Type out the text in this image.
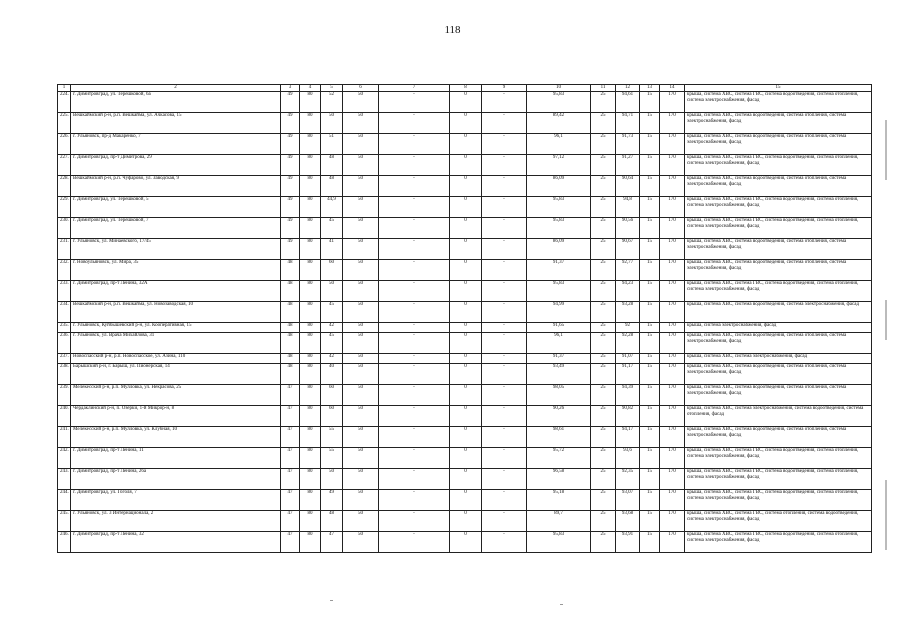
118
1	2	3	4	5	6	7	8	9	10	11	12	13	14	15
224.	г. Димитровград, ул. Терешковой, 6а	49	80	52	50	-	0	-	95,83	25	94,61	15	170	крыша, система ХВС, система ГВС, система водоотведения, система отопления, система электроснабжения, фасад
225.	Вешкаймский р-н, р.п. Вешкайма, ул. Ачкасова, 15	49	80	50	50	-	0	-	89,42	25	94,71	15	170	крыша, система ХВС, система водоотведения, система отопления, система электроснабжения, фасад
226.	г. Ульяновск, пр-д Макаренко, 7	49	80	51	50	-	0	-	96,1	25	91,73	15	170	крыша, система ХВС, система водоотведения, система отопления, система электроснабжения, фасад
227.	г. Димитровград, пр-т Димитрова, 29	49	80	48	50	-	0	-	97,12	25	91,27	15	170	крыша, система ХВС, система ГВС, система водоотведения, система отопления, система электроснабжения, фасад
228.	Вешкаймский р-н, р.п. Чуфарово, ул. Заводская, 9	49	80	48	50	-	0	-	86,09	25	90,64	15	170	крыша, система ХВС, система водоотведения, система отопления, система электроснабжения, фасад
229.	г. Димитровград, ул. Терешковой, 5	49	80	44,9	50	-	0	-	95,83	25	94,8	15	170	крыша, система ХВС, система ГВС, система водоотведения, система отопления, система электроснабжения, фасад
230.	г. Димитровград, ул. Терешковой, 7	49	80	45	50	-	0	-	95,83	25	90,56	15	170	крыша, система ХВС, система ГВС, система водоотведения, система отопления, система электроснабжения, фасад
231.	г. Ульяновск, ул. Минаевского, 17/45	49	80	41	50	-	0	-	86,09	25	90,67	15	170	крыша, система ХВС, система водоотведения, система отопления, система электроснабжения, фасад
232.	г. Новоульяновск, ул. Мира, 35	48	80	60	50	-	0	-	91,37	25	92,77	15	170	крыша, система ХВС, система водоотведения, система отопления, система электроснабжения, фасад
233.	г. Димитровград, пр-т Ленина, 32А	48	80	50	50	-	0	-	95,83	25	94,23	15	170	крыша, система ХВС, система ГВС, система водоотведения, система отопления, система электроснабжения, фасад
234.	Вешкаймский р-н, р.п. Вешкайма, ул. Новозаводская, 10	48	80	45	50	-	0	-	94,99	25	93,28	15	170	крыша, система ХВС, система водоотведения, система электроснабжения, фасад
235.	г. Ульяновск, Куйбышевский р-н, ул. Кооперативная, 15	48	80	42	50	-	0	-	91,65	25	92	15	170	крыша, система электроснабжения, фасад
236.	г. Ульяновск, ул. Врача Михайлова, 31	48	80	45	50	-	0	-	96,1	25	92,28	15	170	крыша, система ХВС, система водоотведения, система отопления, система электроснабжения, фасад
237.	Новоспасский р-н, р.п. Новоспасское, ул. Азина, 110	48	80	42	50	-	0	-	91,37	25	91,07	15	170	крыша, система ХВС, система электроснабжения, фасад
238.	Барышский р-н, г. Барыш, ул. Пионерская, 14	48	80	40	50	-	0	-	93,49	25	91,17	15	170	крыша, система ХВС, система водоотведения, система отопления, система электроснабжения, фасад
239.	Мелекесский р-н, р.п. Мулловка, ул. Некрасова, 25	47	80	60	50	-	0	-	98,05	25	94,39	15	170	крыша, система ХВС, система водоотведения, система отопления, система электроснабжения, фасад
240.	Чердаклинский р-н, п. Озёрки, 1-й Микрор-н, 8	47	80	60	50	-	0	-	90,26	25	90,82	15	170	крыша, система ХВС, система электроснабжения, система водоотведения, система отопления, фасад
241.	Мелекесский р-н, р.п. Мулловка, ул. Клубная, 10	47	80	55	50	-	0	-	98,61	25	94,17	15	170	крыша, система ХВС, система водоотведения, система отопления, система электроснабжения, фасад
242.	г. Димитровград, пр-т Ленина, 11	47	80	55	50	-	0	-	95,72	25	93,6	15	170	крыша, система ХВС, система ГВС, система водоотведения, система отопления, система электроснабжения, фасад
243.	г. Димитровград, пр-т Ленина, 26а	47	80	50	50	-	0	-	96,58	25	92,35	15	170	крыша, система ХВС, система ГВС, система водоотведения, система отопления, система электроснабжения, фасад
244.	г. Димитровград, ул. Гоголя, 7	47	80	49	50	-	0	-	95,18	25	93,07	15	170	крыша, система ХВС, система ГВС, система водоотведения, система отопления, система электроснабжения, фасад
245.	г. Ульяновск, ул. 3 Интернационала, 2	47	80	48	50	-	0	-	89,7	25	93,68	15	170	крыша, система ХВС, система ГВС, система отопления, система водоотведения, система электроснабжения, фасад
246.	г. Димитровград, пр-т Ленина, 32	47	80	47	50	-	0	-	95,83	25	93,91	15	170	крыша, система ХВС, система ГВС, система водоотведения, система отопления, система электроснабжения, фасад
